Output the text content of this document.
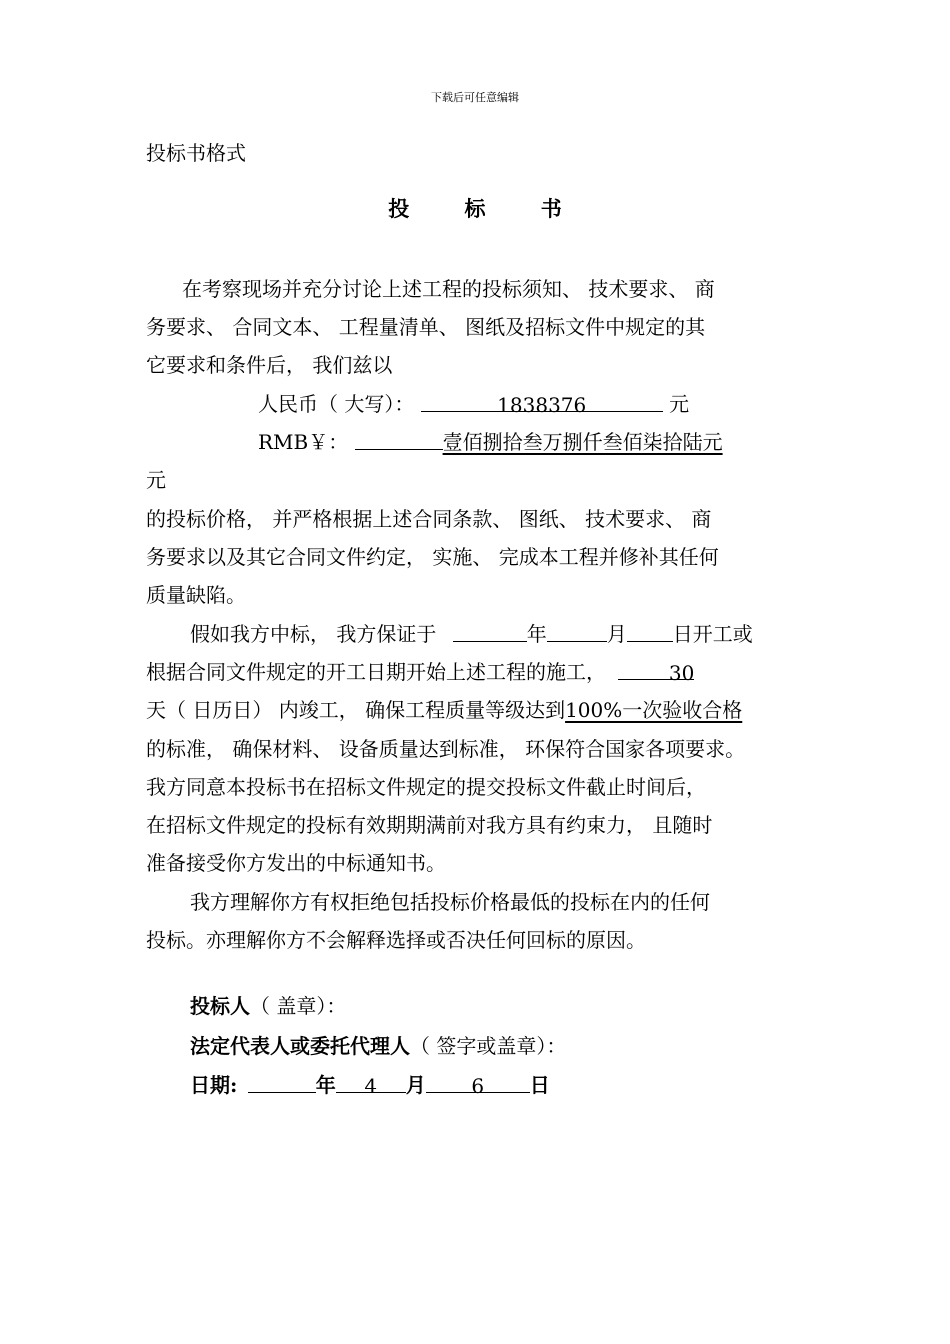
下载后可任意编辑
投标书格式
投 标 书
在考察现场并充分讨论上述工程的投标须知、 技术要求、 商
务要求、 合同文本、 工程量清单、 图纸及招标文件中规定的其
它要求和条件后， 我们兹以
人民币（ 大写）：	1838376	元
RMB￥：	壹佰捌拾叁万捌仟叁佰柒拾陆元
元
的投标价格， 并严格根据上述合同条款、 图纸、 技术要求、 商
务要求以及其它合同文件约定， 实施、 完成本工程并修补其任何
质量缺陷。
假如我方中标， 我方保证于	年	月 日开工或
根据合同文件规定的开工日期开始上述工程的施工，	30
天（ 日历日） 内竣工， 确保工程质量等级达到100%一次验收合格
的标准， 确保材料、 设备质量达到标准， 环保符合国家各项要求。
我方同意本投标书在招标文件规定的提交投标文件截止时间后，
在招标文件规定的投标有效期期满前对我方具有约束力， 且随时
准备接受你方发出的中标通知书。
我方理解你方有权拒绝包括投标价格最低的投标在内的任何
投标。亦理解你方不会解释选择或否决任何回标的原因。
投标人（ 盖章）：
法定代表人或委托代理人（ 签字或盖章）：
日期:	年 4 月 6 日
